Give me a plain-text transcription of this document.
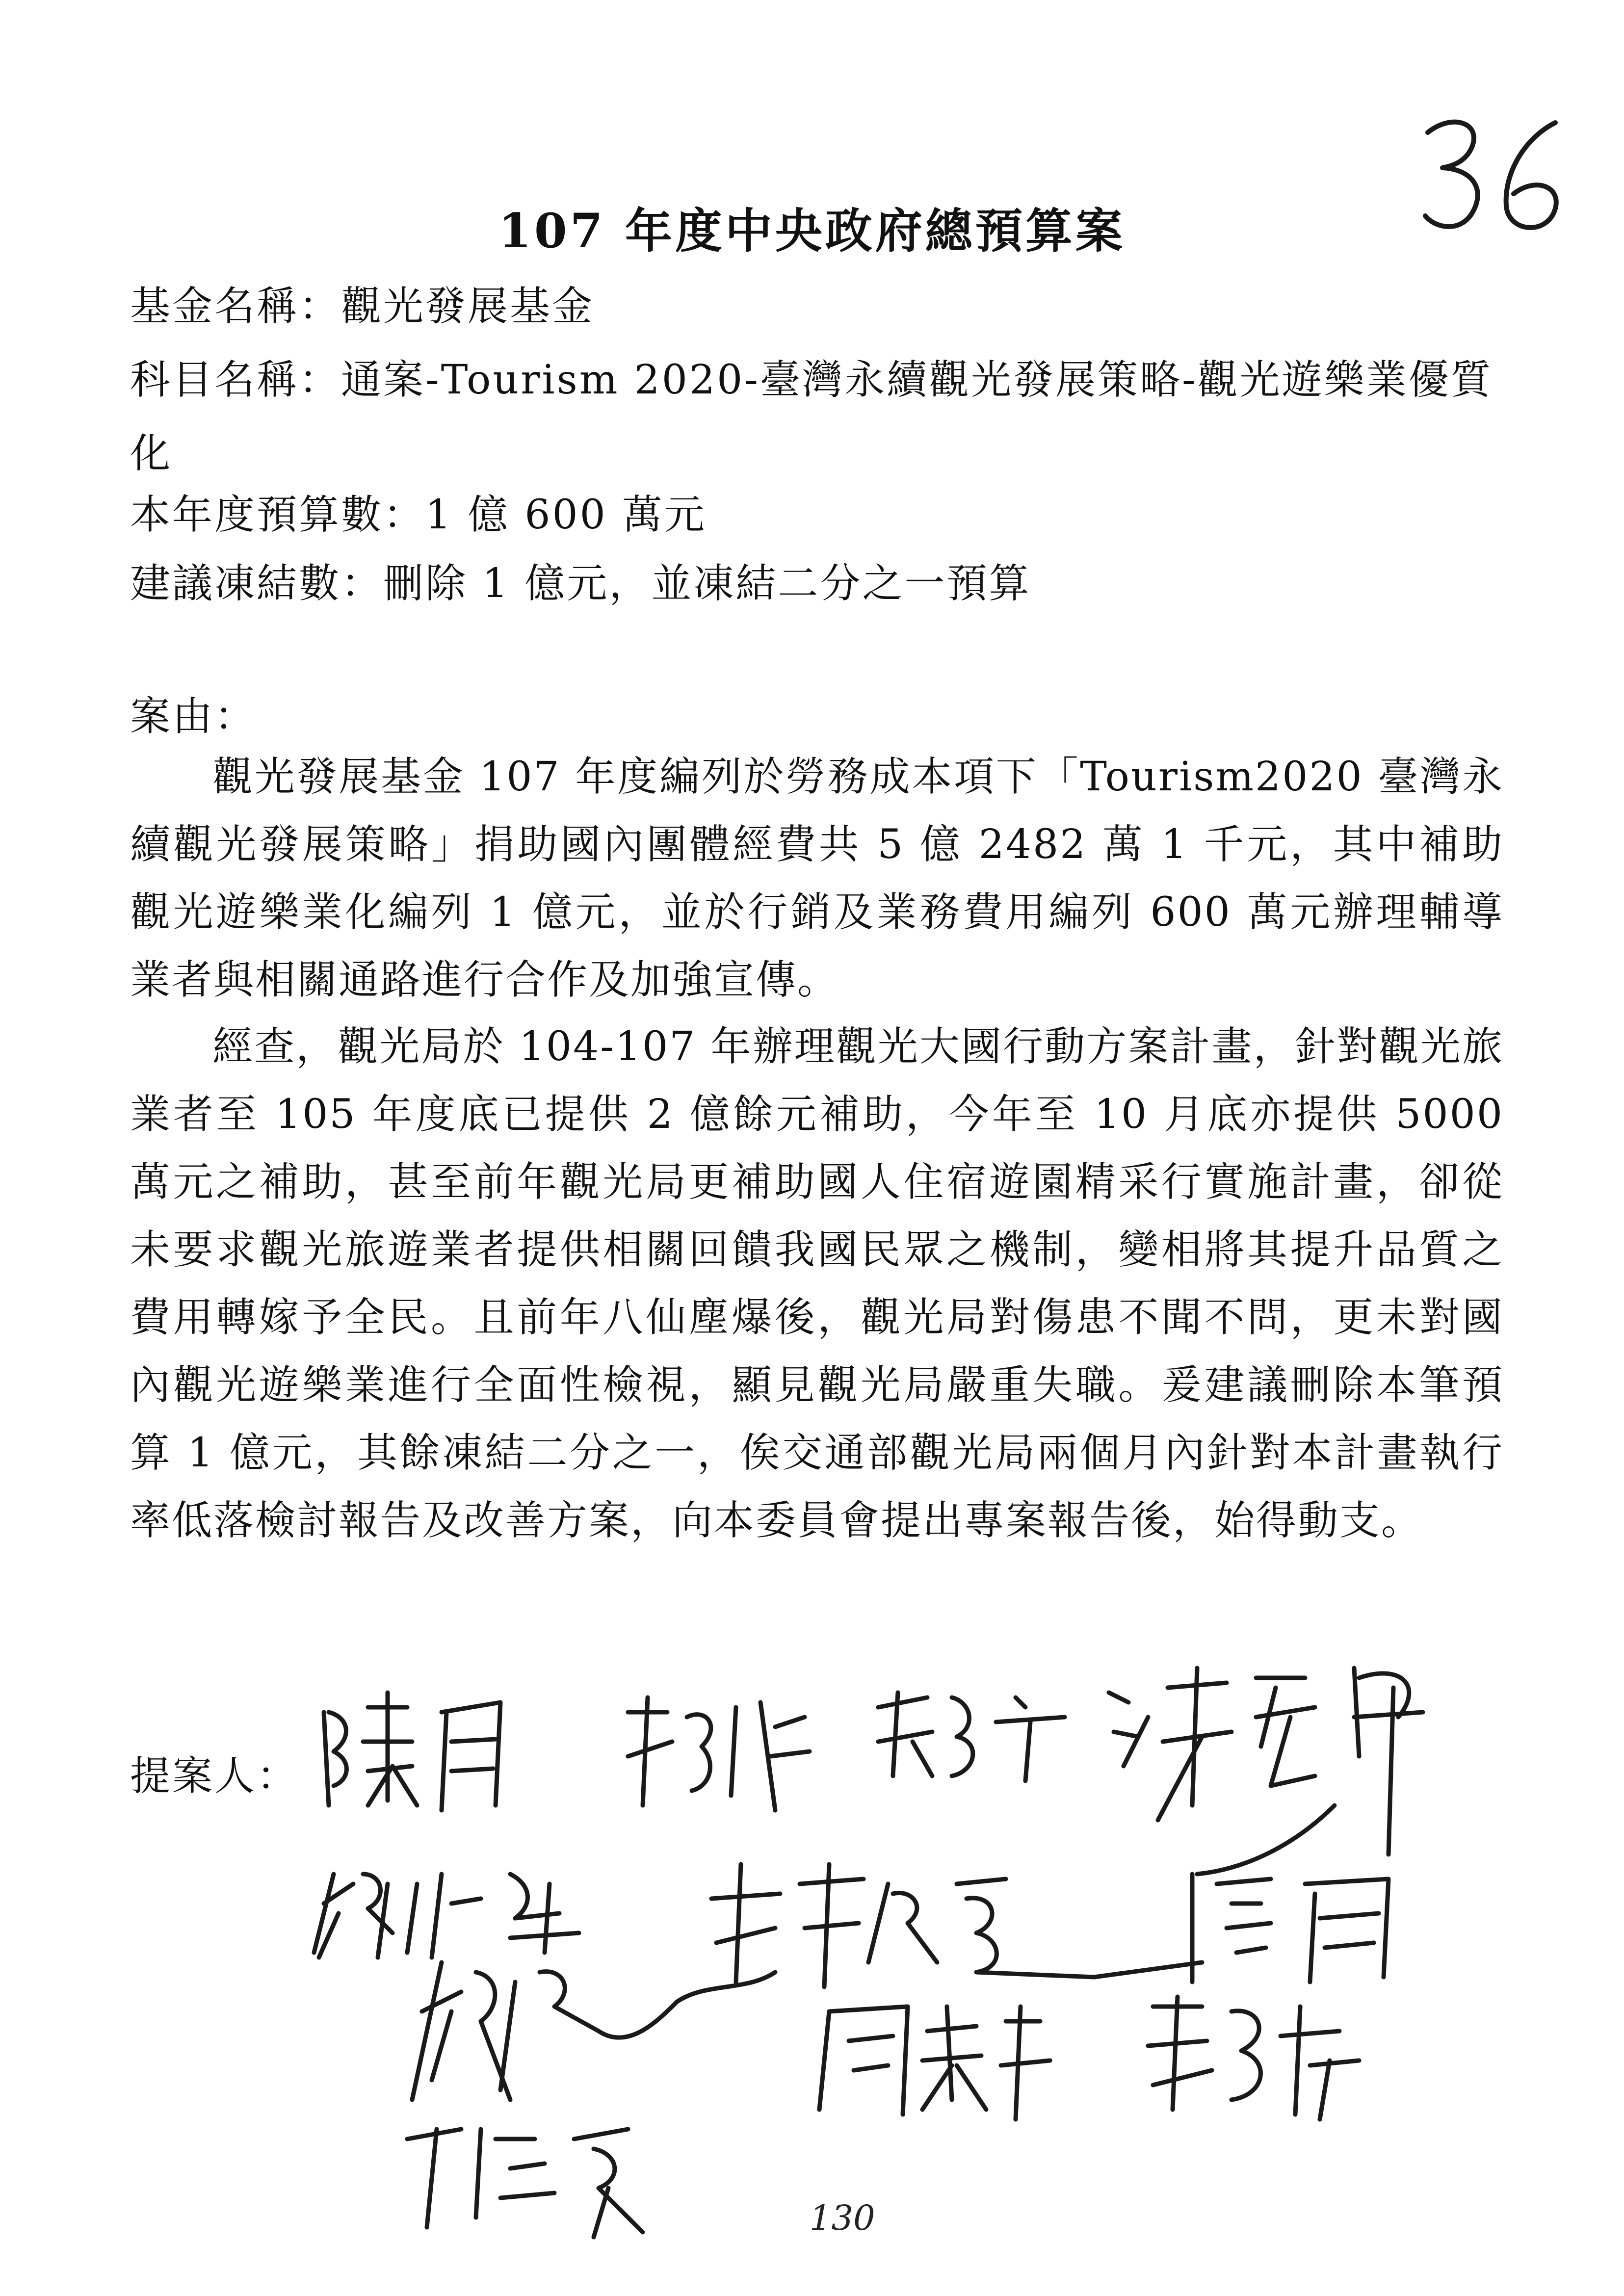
107 年度中央政府總預算案
基金名稱：觀光發展基金
科目名稱：通案-Tourism 2020-臺灣永續觀光發展策略-觀光遊樂業優質化
本年度預算數：1 億 600 萬元
建議凍結數：刪除 1 億元，並凍結二分之一預算
案由：

觀光發展基金 107 年度編列於勞務成本項下「Tourism2020 臺灣永續觀光發展策略」捐助國內團體經費共 5 億 2482 萬 1 千元，其中補助觀光遊樂業化編列 1 億元，並於行銷及業務費用編列 600 萬元辦理輔導業者與相關通路進行合作及加強宣傳。

經查，觀光局於 104-107 年辦理觀光大國行動方案計畫，針對觀光旅業者至 105 年度底已提供 2 億餘元補助，今年至 10 月底亦提供 5000 萬元之補助，甚至前年觀光局更補助國人住宿遊園精采行實施計畫，卻從未要求觀光旅遊業者提供相關回饋我國民眾之機制，變相將其提升品質之費用轉嫁予全民。且前年八仙塵爆後，觀光局對傷患不聞不問，更未對國內觀光遊樂業進行全面性檢視，顯見觀光局嚴重失職。爰建議刪除本筆預算 1 億元，其餘凍結二分之一，俟交通部觀光局兩個月內針對本計畫執行率低落檢討報告及改善方案，向本委員會提出專案報告後，始得動支。

提案人：
130
